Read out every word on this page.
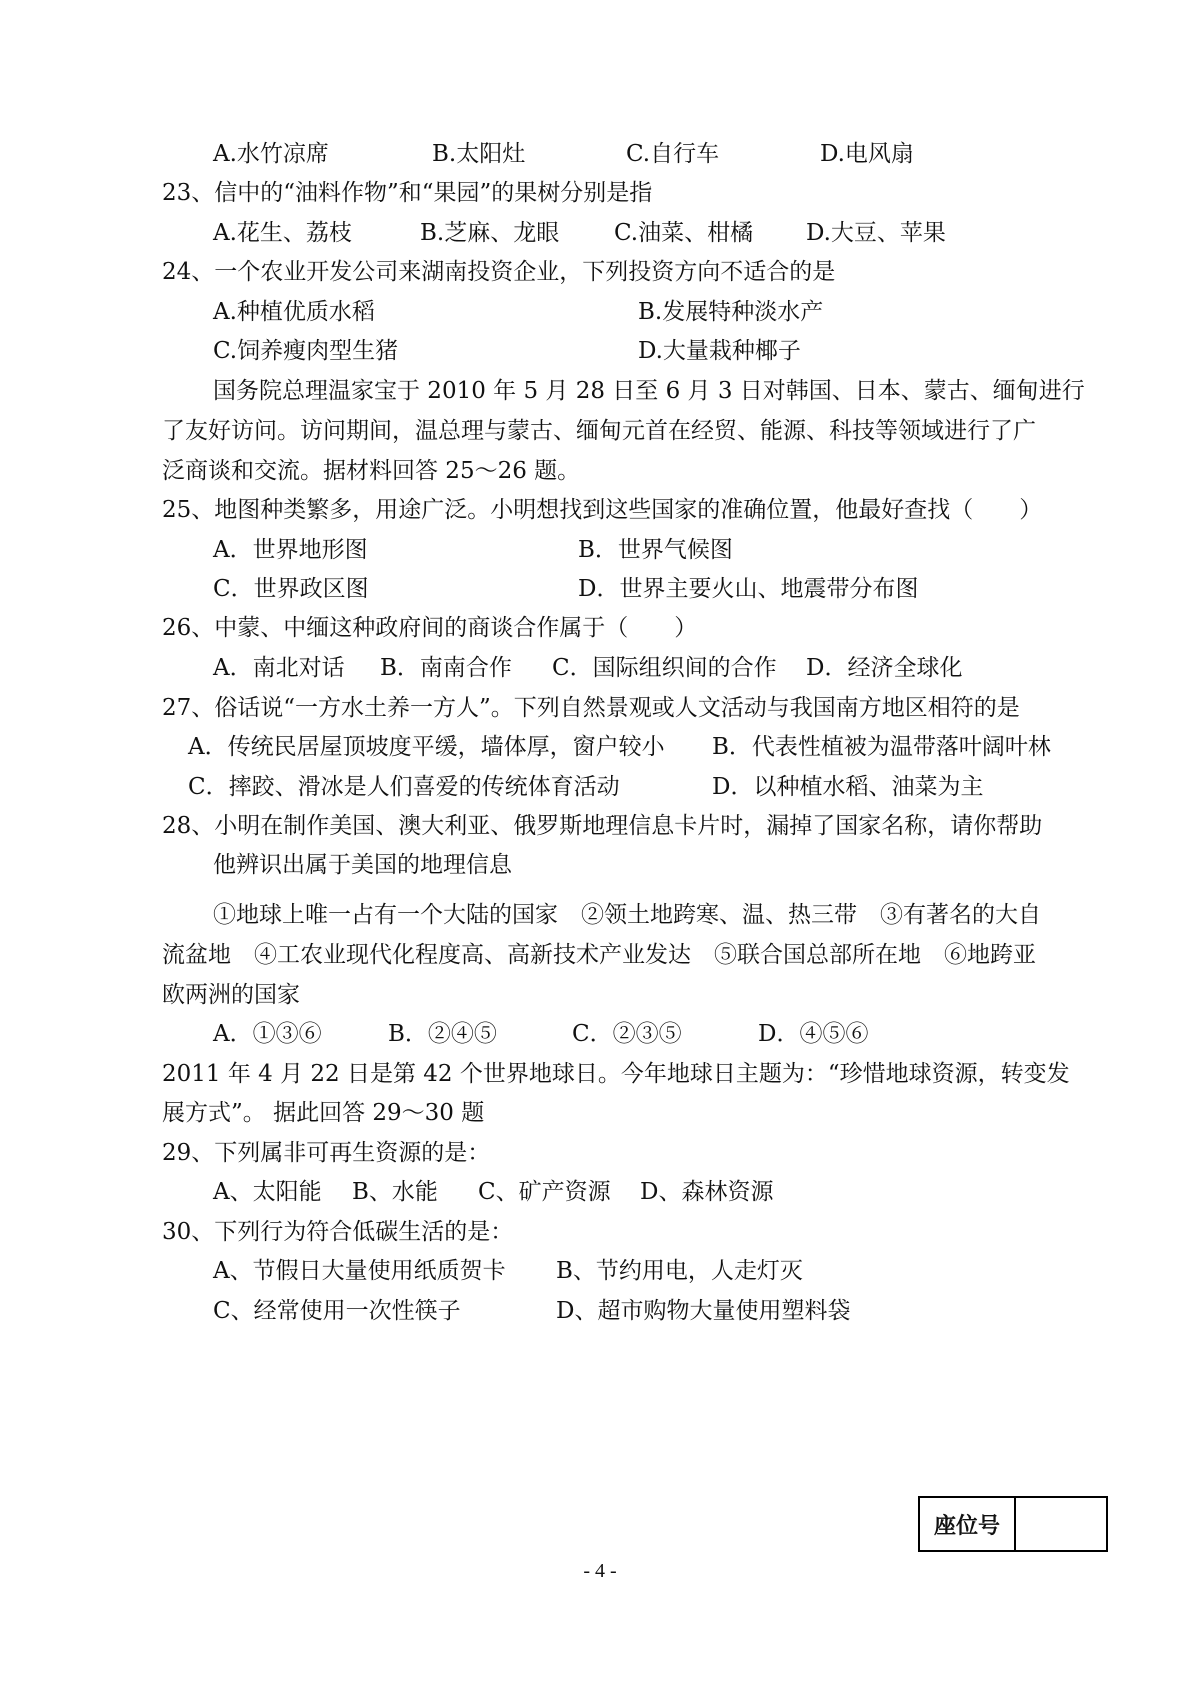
A.水竹凉席	B.太阳灶	C.自行车	D.电风扇
23、信中的“油料作物”和“果园”的果树分别是指
A.花生、荔枝	B.芝麻、龙眼 C.油菜、柑橘 D.大豆、苹果
24、一个农业开发公司来湖南投资企业，下列投资方向不适合的是
A.种植优质水稻	B.发展特种淡水产
C.饲养瘦肉型生猪	D.大量栽种椰子
国务院总理温家宝于 2010 年 5 月 28 日至 6 月 3 日对韩国、日本、蒙古、缅甸进行
了友好访问。访问期间，温总理与蒙古、缅甸元首在经贸、能源、科技等领域进行了广
泛商谈和交流。据材料回答 25～26 题。
25、地图种类繁多，用途广泛。小明想找到这些国家的准确位置，他最好查找（　　）
A．世界地形图	B．世界气候图
C．世界政区图	D．世界主要火山、地震带分布图
26、中蒙、中缅这种政府间的商谈合作属于（　　）
A．南北对话 B．南南合作 C．国际组织间的合作 D．经济全球化
27、俗话说“一方水土养一方人”。下列自然景观或人文活动与我国南方地区相符的是
A．传统民居屋顶坡度平缓，墙体厚，窗户较小 B．代表性植被为温带落叶阔叶林
C．摔跤、滑冰是人们喜爱的传统体育活动	D．以种植水稻、油菜为主
28、小明在制作美国、澳大利亚、俄罗斯地理信息卡片时，漏掉了国家名称，请你帮助
他辨识出属于美国的地理信息
①地球上唯一占有一个大陆的国家　②领土地跨寒、温、热三带　③有著名的大自
流盆地　④工农业现代化程度高、高新技术产业发达　⑤联合国总部所在地　⑥地跨亚
欧两洲的国家
A．①③⑥	B．②④⑤	C．②③⑤	D．④⑤⑥
2011 年 4 月 22 日是第 42 个世界地球日。今年地球日主题为：“珍惜地球资源，转变发
展方式”。 据此回答 29～30 题
29、下列属非可再生资源的是：
A、太阳能 B、水能 C、矿产资源 D、森林资源
30、下列行为符合低碳生活的是：
A、节假日大量使用纸质贺卡 B、节约用电，人走灯灭
C、经常使用一次性筷子	D、超市购物大量使用塑料袋
座位号
- 4 -
